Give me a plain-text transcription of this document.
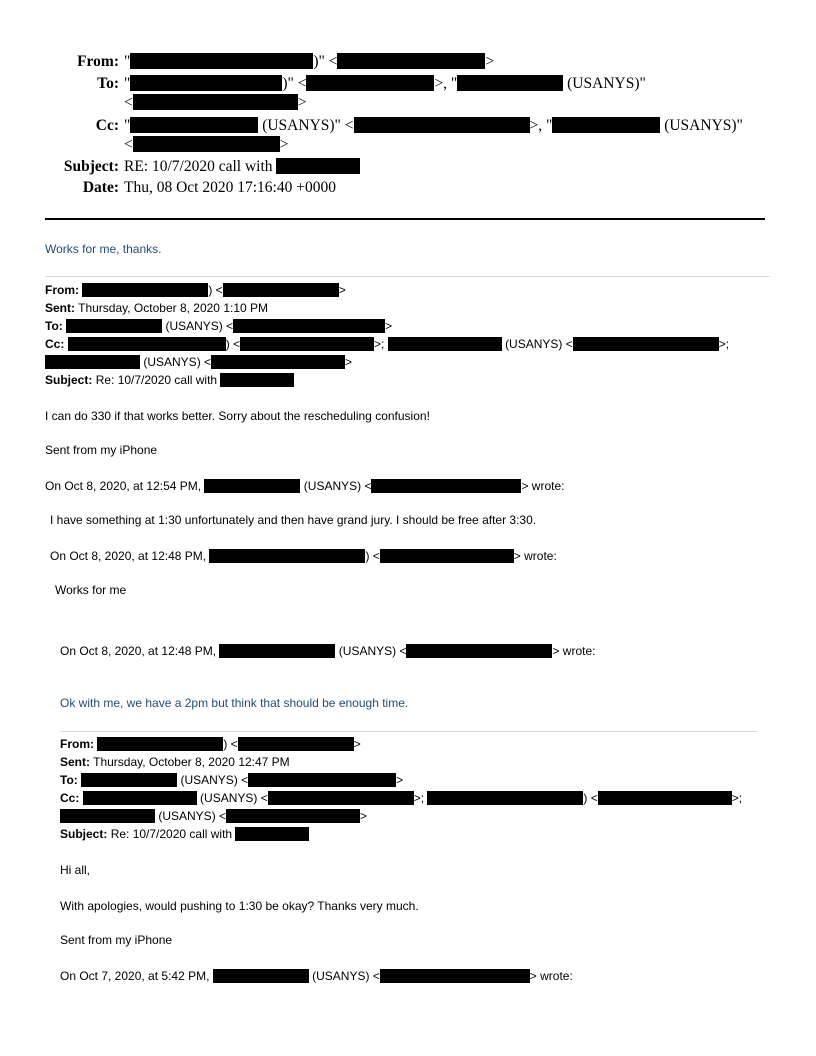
From: "	)" <	>
To: "	)" <	>, "	(USANYS)"
<	>
Cc: "	(USANYS)" <	>, "	(USANYS)"
<	>
Subject: RE: 10/7/2020 call with
Date: Thu, 08 Oct 2020 17:16:40 +0000
Works for me, thanks.
From:	) <	>
Sent: Thursday, October 8, 2020 1:10 PM
To:	(USANYS) <	>
Cc:	) <	>;	(USANYS) <	>;
(USANYS) <	>
Subject: Re: 10/7/2020 call with
I can do 330 if that works better. Sorry about the rescheduling confusion!
Sent from my iPhone
On Oct 8, 2020, at 12:54 PM,	(USANYS) <	> wrote:
I have something at 1:30 unfortunately and then have grand jury. I should be free after 3:30.
On Oct 8, 2020, at 12:48 PM,	) <	> wrote:
Works for me
On Oct 8, 2020, at 12:48 PM,	(USANYS) <	> wrote:
Ok with me, we have a 2pm but think that should be enough time.
From:	) <	>
Sent: Thursday, October 8, 2020 12:47 PM
To:	(USANYS) <	>
Cc:	(USANYS) <	>;	) <	>;
(USANYS) <	>
Subject: Re: 10/7/2020 call with
Hi all,
With apologies, would pushing to 1:30 be okay? Thanks very much.
Sent from my iPhone
On Oct 7, 2020, at 5:42 PM,	(USANYS) <	> wrote:
